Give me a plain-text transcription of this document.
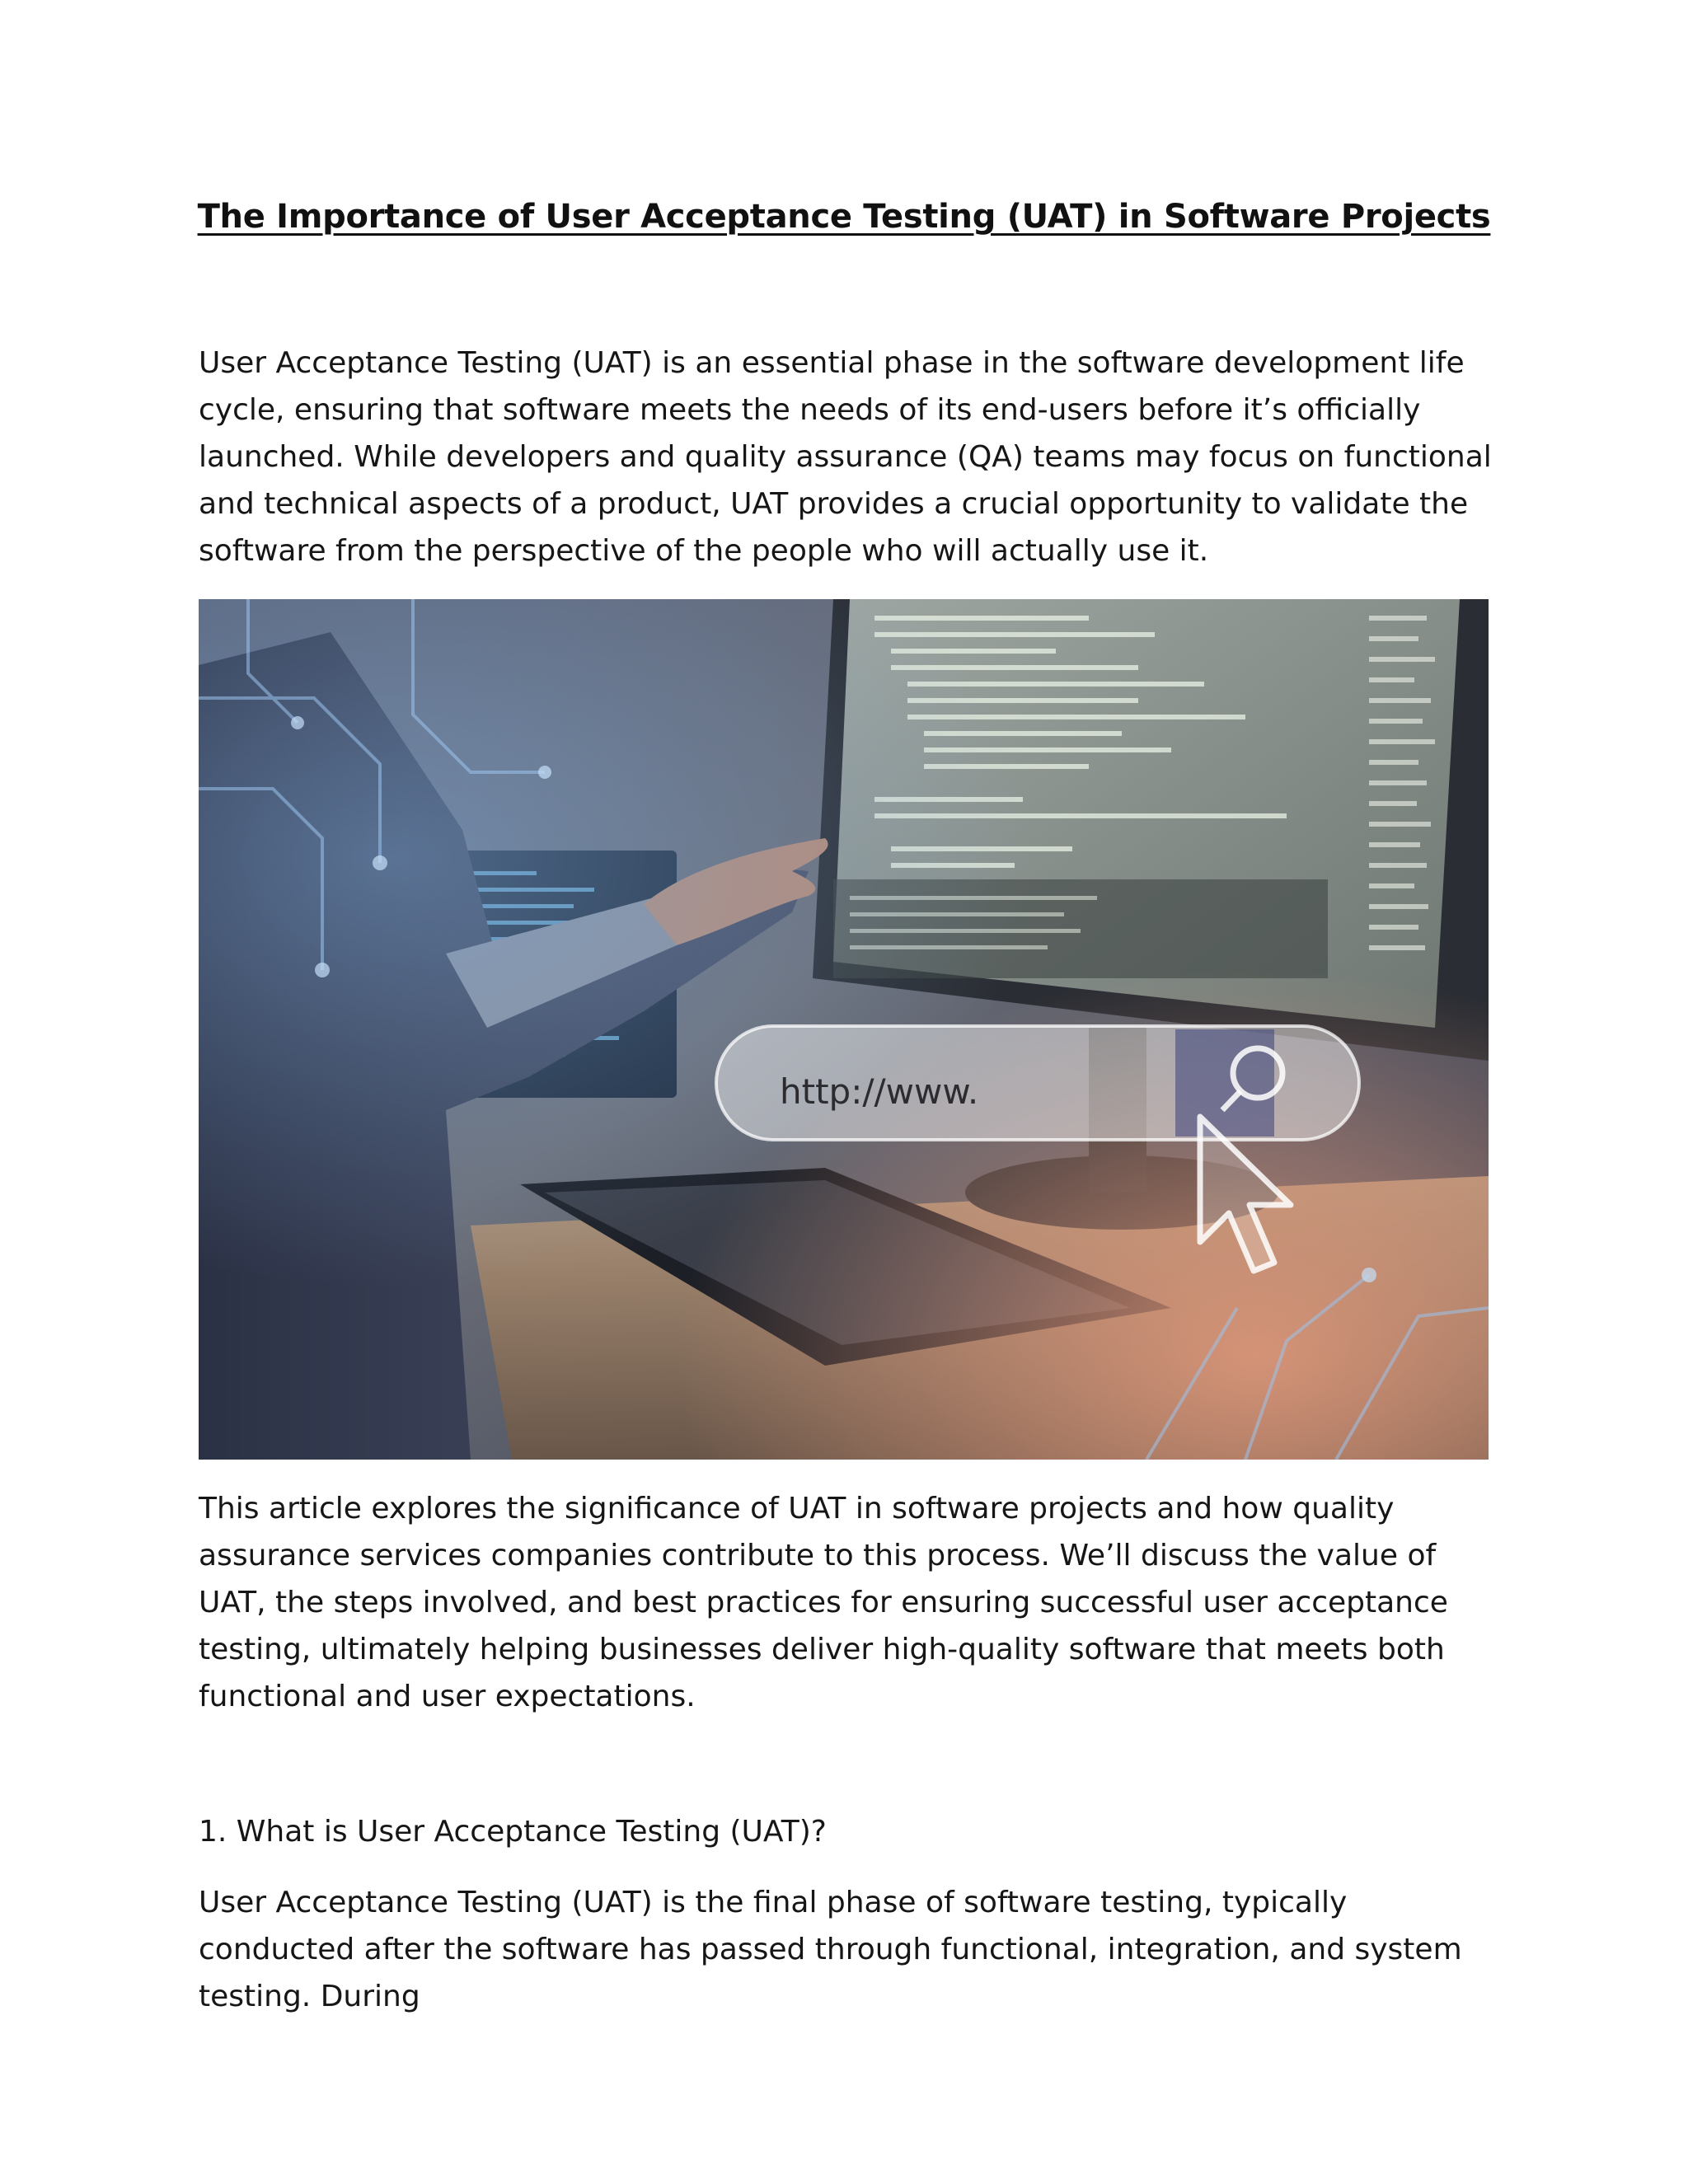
The Importance of User Acceptance Testing (UAT) in Software Projects

User Acceptance Testing (UAT) is an essential phase in the software development life cycle, ensuring that software meets the needs of its end-users before it’s officially launched. While developers and quality assurance (QA) teams may focus on functional and technical aspects of a product, UAT provides a crucial opportunity to validate the software from the perspective of the people who will actually use it.

http://www.

This article explores the significance of UAT in software projects and how quality assurance services companies contribute to this process. We’ll discuss the value of UAT, the steps involved, and best practices for ensuring successful user acceptance testing, ultimately helping businesses deliver high-quality software that meets both functional and user expectations.

1. What is User Acceptance Testing (UAT)?

User Acceptance Testing (UAT) is the final phase of software testing, typically conducted after the software has passed through functional, integration, and system testing. During
